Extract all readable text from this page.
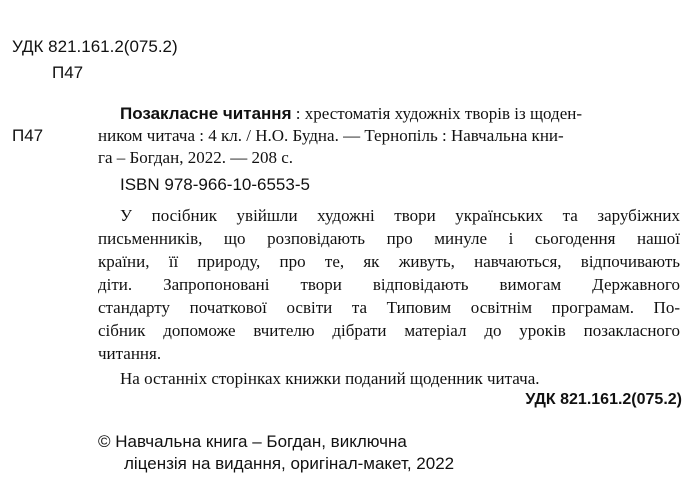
УДК 821.161.2(075.2)
П47
П47
Позакласне читання : хрестоматія художніх творів із щоден-
ником читача : 4 кл. / Н.О. Будна. — Тернопіль : Навчальна кни-
га – Богдан, 2022. — 208 с.
ISBN 978-966-10-6553-5
У посібник увійшли художні твори українських та зарубіжних
письменників, що розповідають про минуле і сьогодення нашої
країни, її природу, про те, як живуть, навчаються, відпочивають
діти. Запропоновані твори відповідають вимогам Державного
стандарту початкової освіти та Типовим освітнім програмам. По-
сібник допоможе вчителю дібрати матеріал до уроків позакласного
читання.
На останніх сторінках книжки поданий щоденник читача.
УДК 821.161.2(075.2)
© Навчальна книга – Богдан, виключна
ліцензія на видання, оригінал-макет, 2022
